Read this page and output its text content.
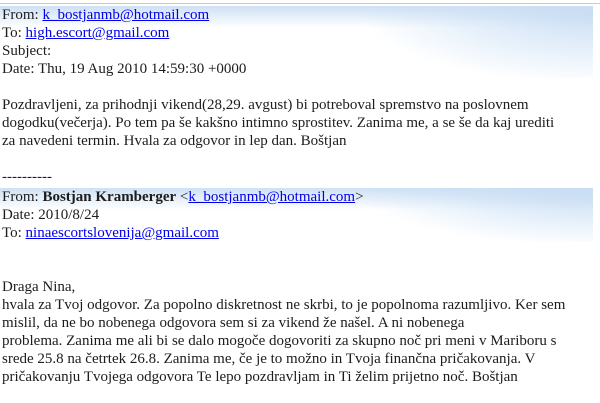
From: k_bostjanmb@hotmail.com
To: high.escort@gmail.com
Subject:
Date: Thu, 19 Aug 2010 14:59:30 +0000

Pozdravljeni, za prihodnji vikend(28,29. avgust) bi potreboval spremstvo na poslovnem
dogodku(večerja). Po tem pa še kakšno intimno sprostitev. Zanima me, a se še da kaj urediti
za navedeni termin. Hvala za odgovor in lep dan. Boštjan

----------
From: Bostjan Kramberger <k_bostjanmb@hotmail.com>
Date: 2010/8/24
To: ninaescortslovenija@gmail.com

Draga Nina,
hvala za Tvoj odgovor. Za popolno diskretnost ne skrbi, to je popolnoma razumljivo. Ker sem
mislil, da ne bo nobenega odgovora sem si za vikend že našel. A ni nobenega
problema. Zanima me ali bi se dalo mogoče dogovoriti za skupno noč pri meni v Mariboru s
srede 25.8 na četrtek 26.8. Zanima me, če je to možno in Tvoja finančna pričakovanja. V
pričakovanju Tvojega odgovora Te lepo pozdravljam in Ti želim prijetno noč. Boštjan
